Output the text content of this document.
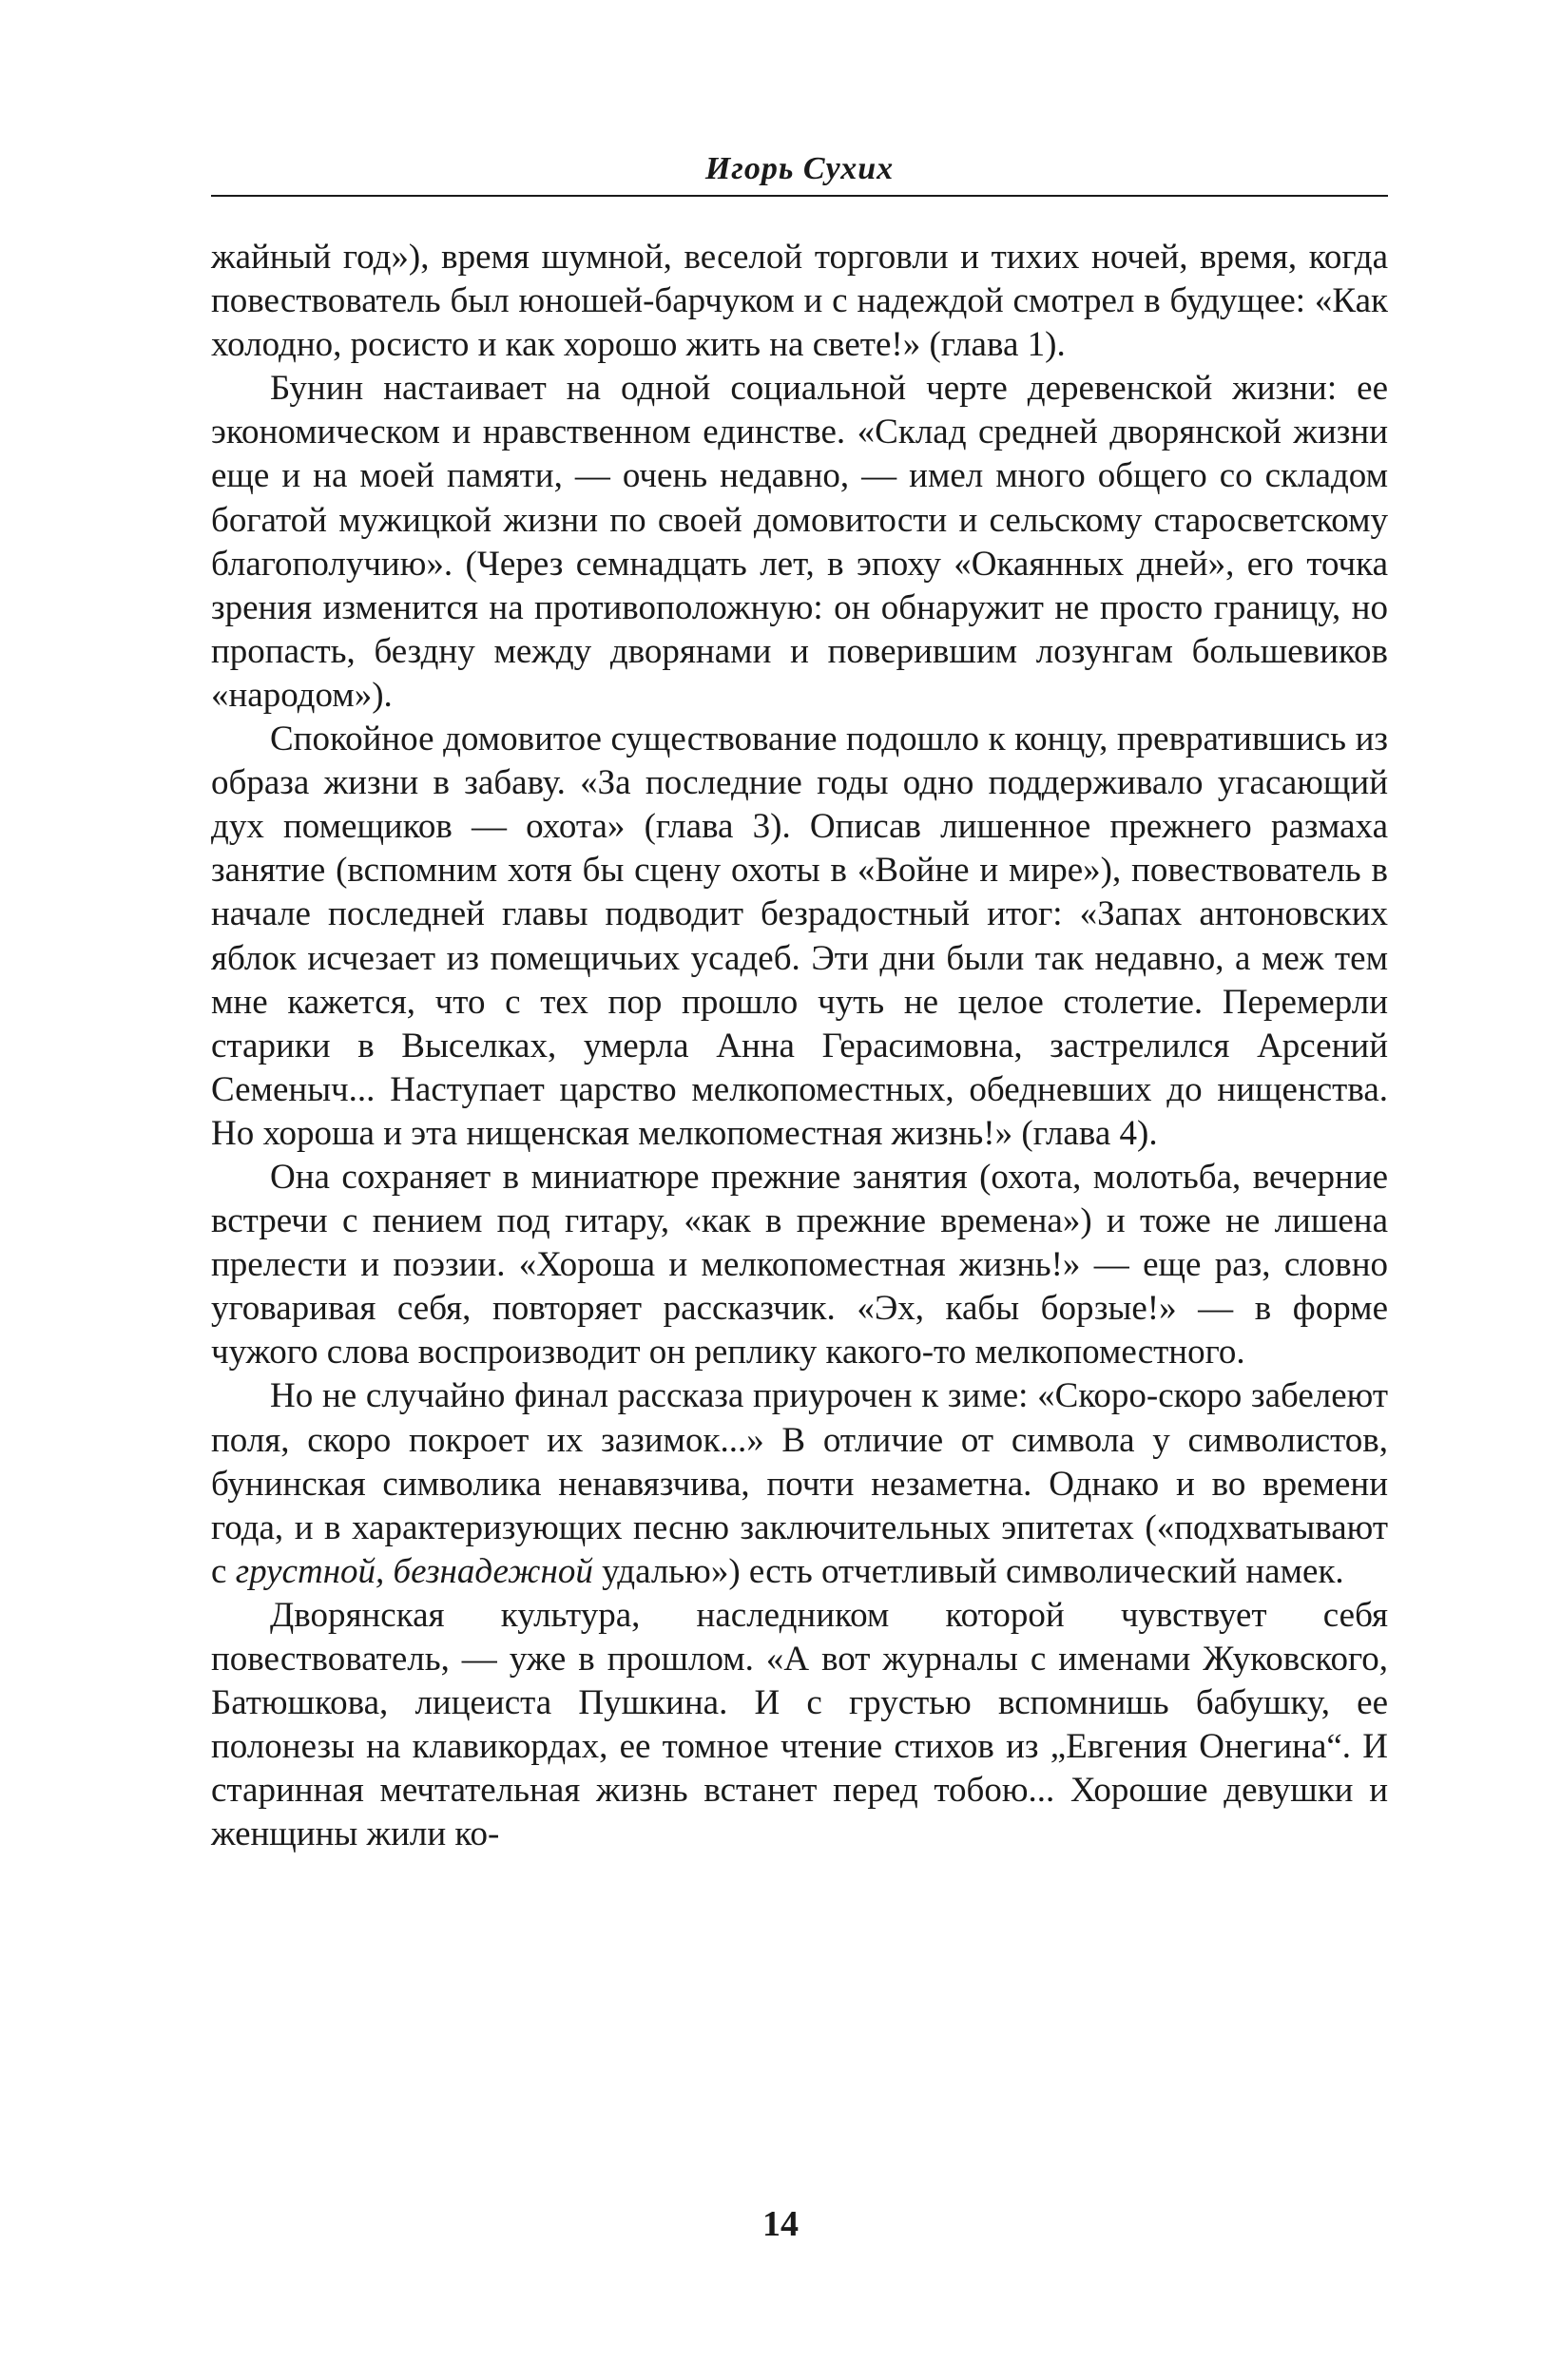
Игорь Сухих

жайный год»), время шумной, веселой торговли и тихих ночей, время, когда повествователь был юношей-барчуком и с надеждой смотрел в будущее: «Как холодно, росисто и как хорошо жить на свете!» (глава 1).

Бунин настаивает на одной социальной черте деревенской жизни: ее экономическом и нравственном единстве. «Склад средней дворянской жизни еще и на моей памяти, — очень недавно, — имел много общего со складом богатой мужицкой жизни по своей домовитости и сельскому старосветскому благополучию». (Через семнадцать лет, в эпоху «Окаянных дней», его точка зрения изменится на противоположную: он обнаружит не просто границу, но пропасть, бездну между дворянами и поверившим лозунгам большевиков «народом»).

Спокойное домовитое существование подошло к концу, превратившись из образа жизни в забаву. «За последние годы одно поддерживало угасающий дух помещиков — охота» (глава 3). Описав лишенное прежнего размаха занятие (вспомним хотя бы сцену охоты в «Войне и мире»), повествователь в начале последней главы подводит безрадостный итог: «Запах антоновских яблок исчезает из помещичьих усадеб. Эти дни были так недавно, а меж тем мне кажется, что с тех пор прошло чуть не целое столетие. Перемерли старики в Выселках, умерла Анна Герасимовна, застрелился Арсений Семеныч... Наступает царство мелкопоместных, обедневших до нищенства. Но хороша и эта нищенская мелкопоместная жизнь!» (глава 4).

Она сохраняет в миниатюре прежние занятия (охота, молотьба, вечерние встречи с пением под гитару, «как в прежние времена») и тоже не лишена прелести и поэзии. «Хороша и мелкопоместная жизнь!» — еще раз, словно уговаривая себя, повторяет рассказчик. «Эх, кабы борзые!» — в форме чужого слова воспроизводит он реплику какого-то мелкопоместного.

Но не случайно финал рассказа приурочен к зиме: «Скоро-скоро забелеют поля, скоро покроет их зазимок...» В отличие от символа у символистов, бунинская символика ненавязчива, почти незаметна. Однако и во времени года, и в характеризующих песню заключительных эпитетах («подхватывают с грустной, безнадежной удалью») есть отчетливый символический намек.

Дворянская культура, наследником которой чувствует себя повествователь, — уже в прошлом. «А вот журналы с именами Жуковского, Батюшкова, лицеиста Пушкина. И с грустью вспомнишь бабушку, ее полонезы на клавикордах, ее томное чтение стихов из „Евгения Онегина“. И старинная мечтательная жизнь встанет перед тобою... Хорошие девушки и женщины жили ко-

14
